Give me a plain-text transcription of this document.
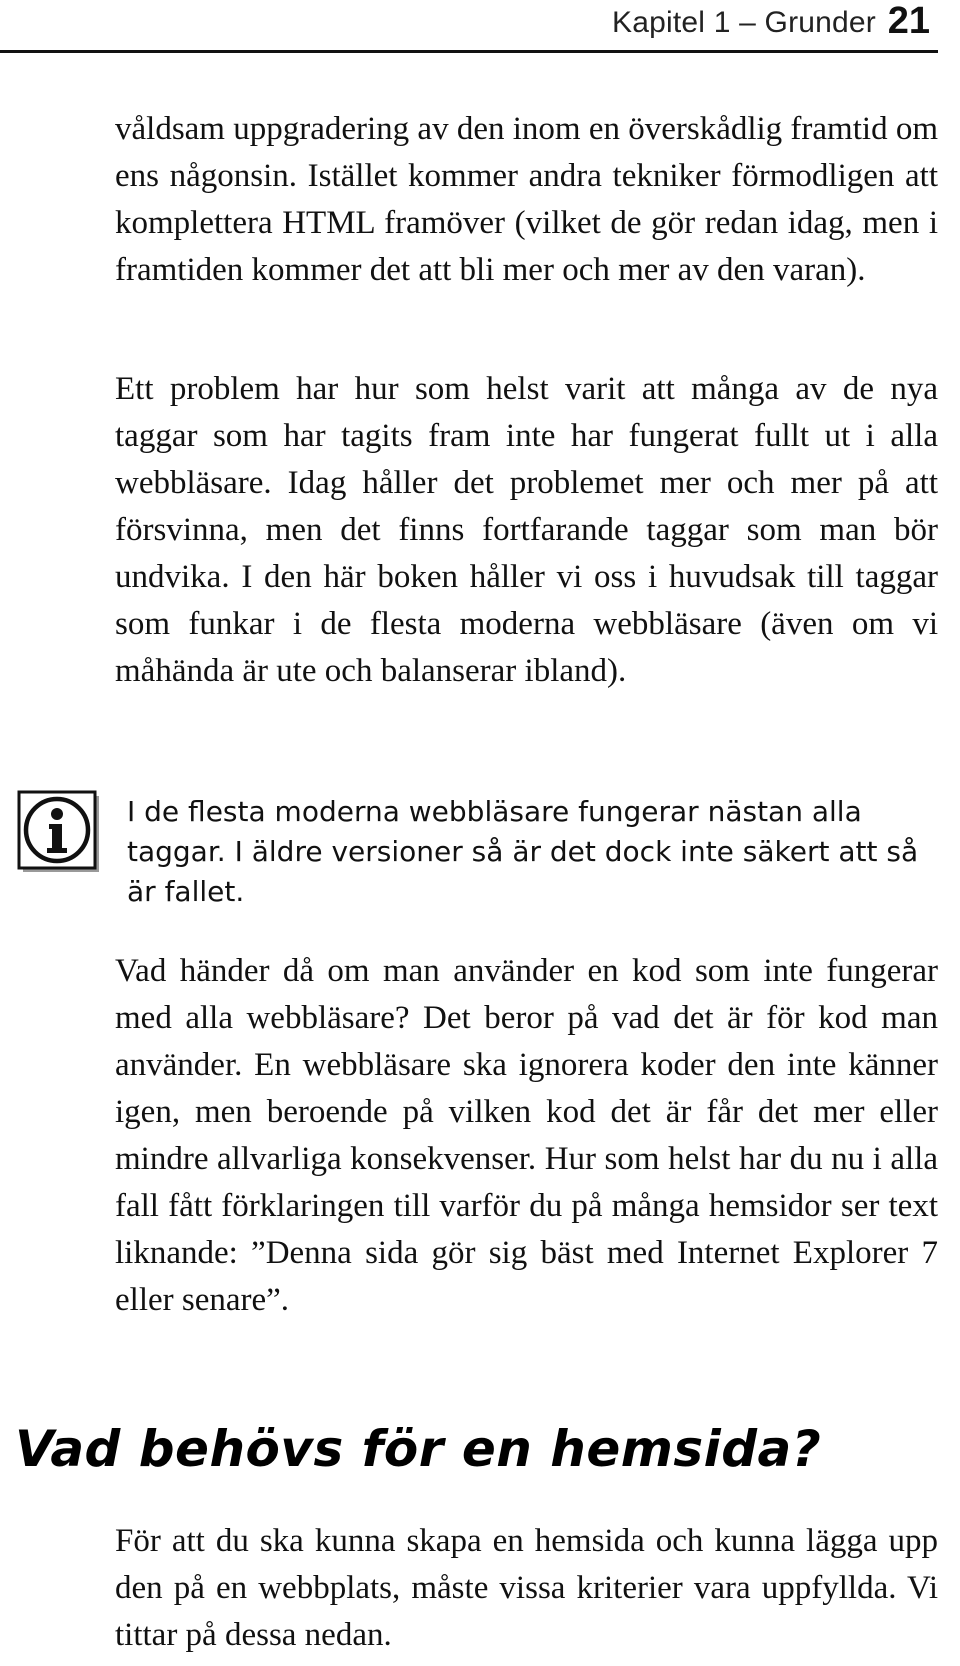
Kapitel 1 – Grunder 21

våldsam uppgradering av den inom en överskådlig framtid om ens någonsin. Istället kommer andra tekniker förmodligen att komplettera HTML framöver (vilket de gör redan idag, men i framtiden kommer det att bli mer och mer av den varan).

Ett problem har hur som helst varit att många av de nya taggar som har tagits fram inte har fungerat fullt ut i alla webbläsare. Idag håller det problemet mer och mer på att försvinna, men det finns fortfarande taggar som man bör undvika. I den här boken håller vi oss i huvudsak till taggar som funkar i de flesta moderna webbläsare (även om vi måhända är ute och balanserar ibland).

I de flesta moderna webbläsare fungerar nästan alla taggar. I äldre versioner så är det dock inte säkert att så är fallet.

Vad händer då om man använder en kod som inte fungerar med alla webbläsare? Det beror på vad det är för kod man använder. En webbläsare ska ignorera koder den inte känner igen, men beroende på vilken kod det är får det mer eller mindre allvarliga konsekvenser. Hur som helst har du nu i alla fall fått förklaringen till varför du på många hemsidor ser text liknande: ”Denna sida gör sig bäst med Internet Explorer 7 eller senare”.

Vad behövs för en hemsida?

För att du ska kunna skapa en hemsida och kunna lägga upp den på en webbplats, måste vissa kriterier vara uppfyllda. Vi tittar på dessa nedan.
